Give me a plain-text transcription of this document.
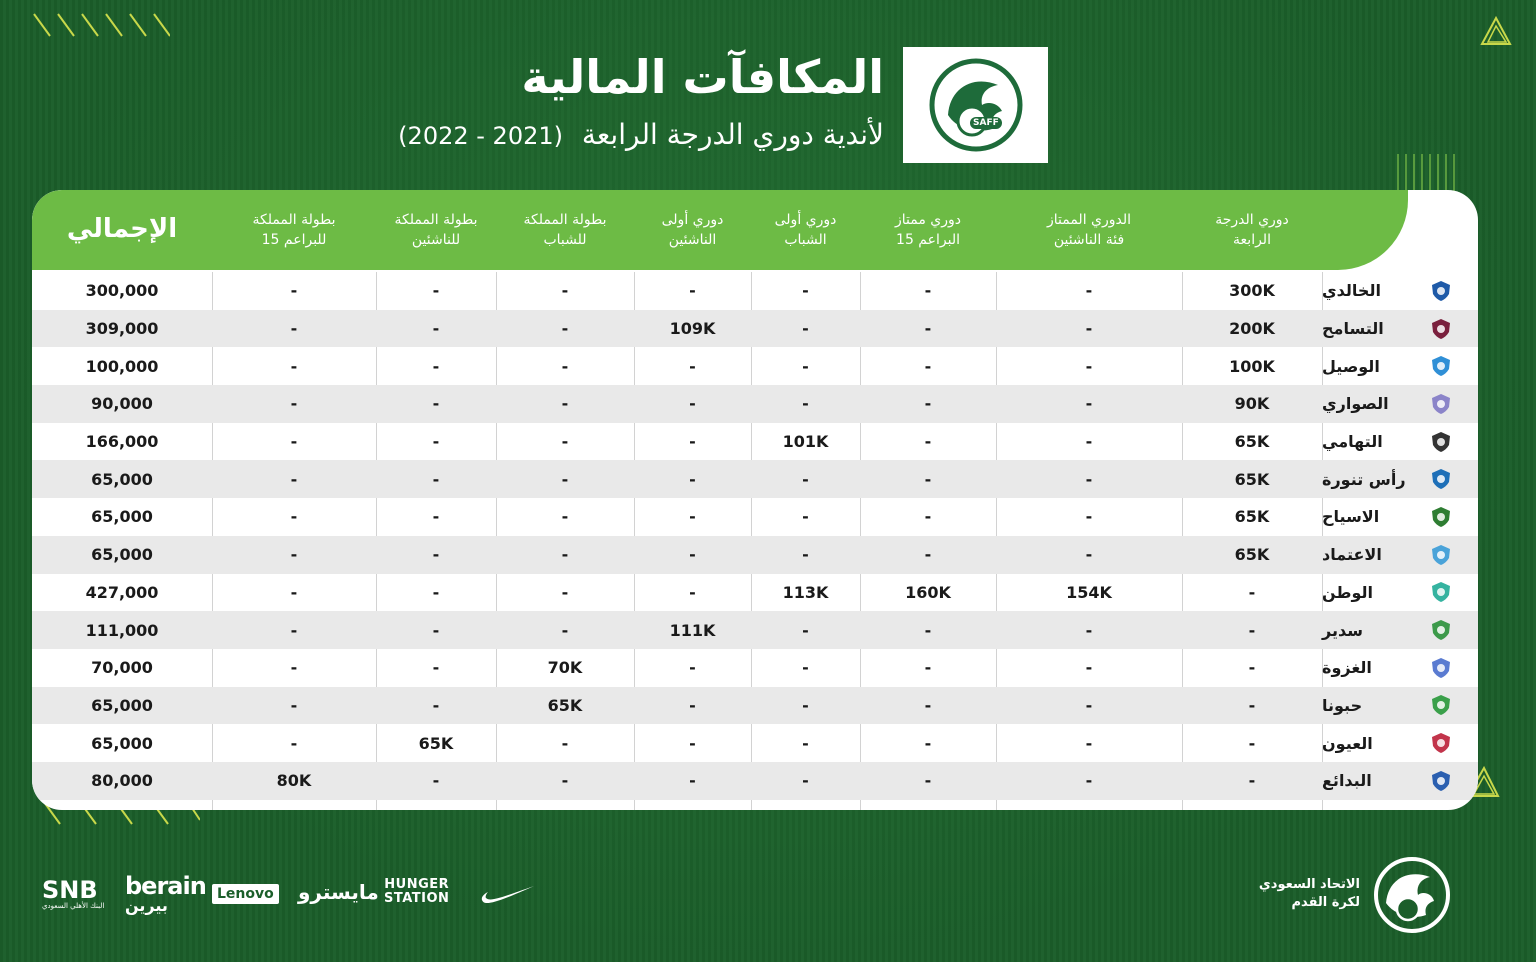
SAFF
المكافآت المالية
لأندية دوري الدرجة الرابعة (2021 - 2022)
دوري الدرجة
الرابعة
الدوري الممتاز
فئة الناشئين
دوري ممتاز
البراعم 15
دوري أولى
الشباب
دوري أولى
الناشئين
بطولة المملكة
للشباب
بطولة المملكة
للناشئين
بطولة المملكة
للبراعم 15
الإجمالي
الخالدي
300K
-
-
-
-
-
-
-
300,000
التسامح
200K
-
-
-
109K
-
-
-
309,000
الوصيل
100K
-
-
-
-
-
-
-
100,000
الصواري
90K
-
-
-
-
-
-
-
90,000
التهامي
65K
-
-
101K
-
-
-
-
166,000
رأس تنورة
65K
-
-
-
-
-
-
-
65,000
الاسياح
65K
-
-
-
-
-
-
-
65,000
الاعتماد
65K
-
-
-
-
-
-
-
65,000
الوطن
-
154K
160K
113K
-
-
-
-
427,000
سدير
-
-
-
-
111K
-
-
-
111,000
الغزوة
-
-
-
-
-
70K
-
-
70,000
حبونا
-
-
-
-
-
65K
-
-
65,000
العيون
-
-
-
-
-
-
65K
-
65,000
البدائع
-
-
-
-
-
-
-
80K
80,000
الاتحاد السعودي
لكرة القدم
SNB
البنك الأهلي السعودي
berain
بيرين
Lenovo مايسترو HUNGER
STATION
